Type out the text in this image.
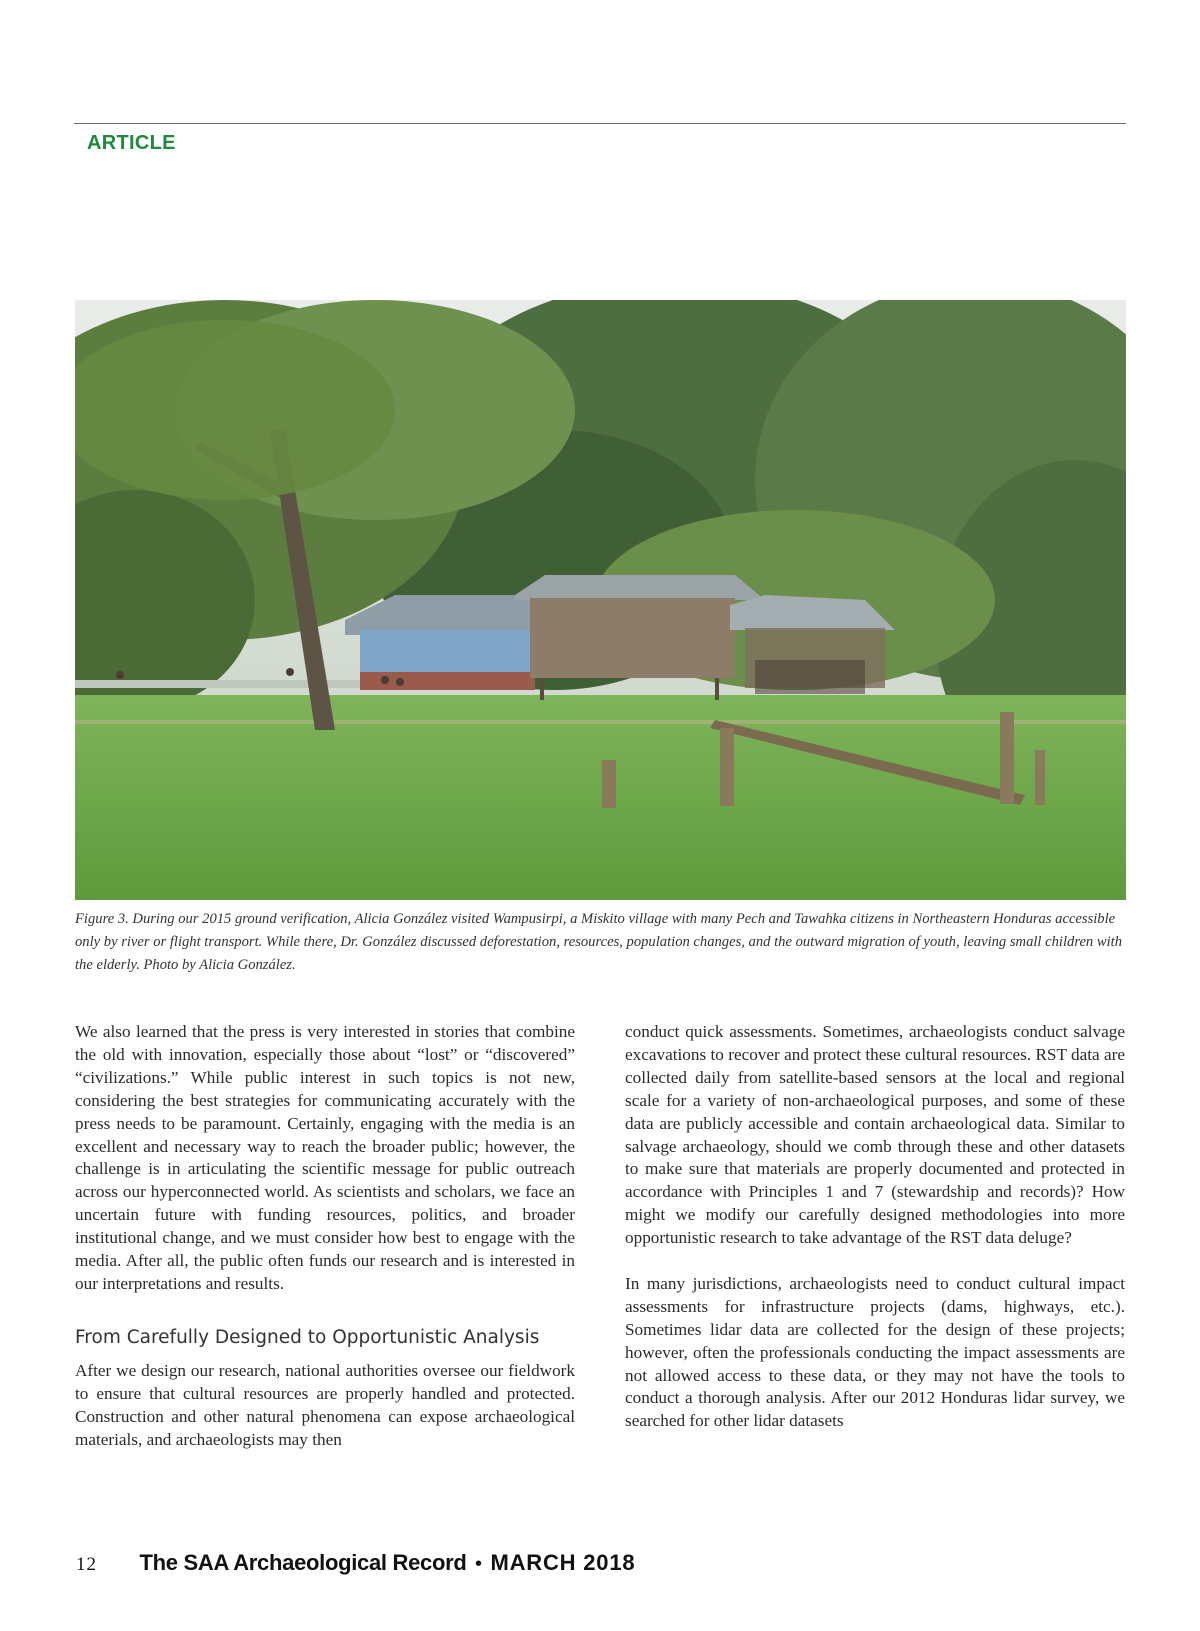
ARTICLE
Figure 3. During our 2015 ground verification, Alicia González visited Wampusirpi, a Miskito village with many Pech and Tawahka citizens in Northeastern Honduras accessible only by river or flight transport. While there, Dr. González discussed deforestation, resources, population changes, and the outward migration of youth, leaving small children with the elderly. Photo by Alicia González.

We also learned that the press is very interested in stories that combine the old with innovation, especially those about “lost” or “discovered” “civilizations.” While public interest in such topics is not new, considering the best strategies for communicating accurately with the press needs to be paramount. Certainly, engaging with the media is an excellent and necessary way to reach the broader public; however, the challenge is in articulating the scientific message for public outreach across our hyperconnected world. As scientists and scholars, we face an uncertain future with funding resources, politics, and broader institutional change, and we must consider how best to engage with the media. After all, the public often funds our research and is interested in our interpretations and results.

From Carefully Designed to Opportunistic Analysis

After we design our research, national authorities oversee our fieldwork to ensure that cultural resources are properly handled and protected. Construction and other natural phenomena can expose archaeological materials, and archaeologists may then

conduct quick assessments. Sometimes, archaeologists conduct salvage excavations to recover and protect these cultural resources. RST data are collected daily from satellite-based sensors at the local and regional scale for a variety of non-archaeological purposes, and some of these data are publicly accessible and contain archaeological data. Similar to salvage archaeology, should we comb through these and other datasets to make sure that materials are properly documented and protected in accordance with Principles 1 and 7 (stewardship and records)? How might we modify our carefully designed methodologies into more opportunistic research to take advantage of the RST data deluge?

In many jurisdictions, archaeologists need to conduct cultural impact assessments for infrastructure projects (dams, highways, etc.). Sometimes lidar data are collected for the design of these projects; however, often the professionals conducting the impact assessments are not allowed access to these data, or they may not have the tools to conduct a thorough analysis. After our 2012 Honduras lidar survey, we searched for other lidar datasets

12 The SAA Archaeological Record • MARCH 2018
